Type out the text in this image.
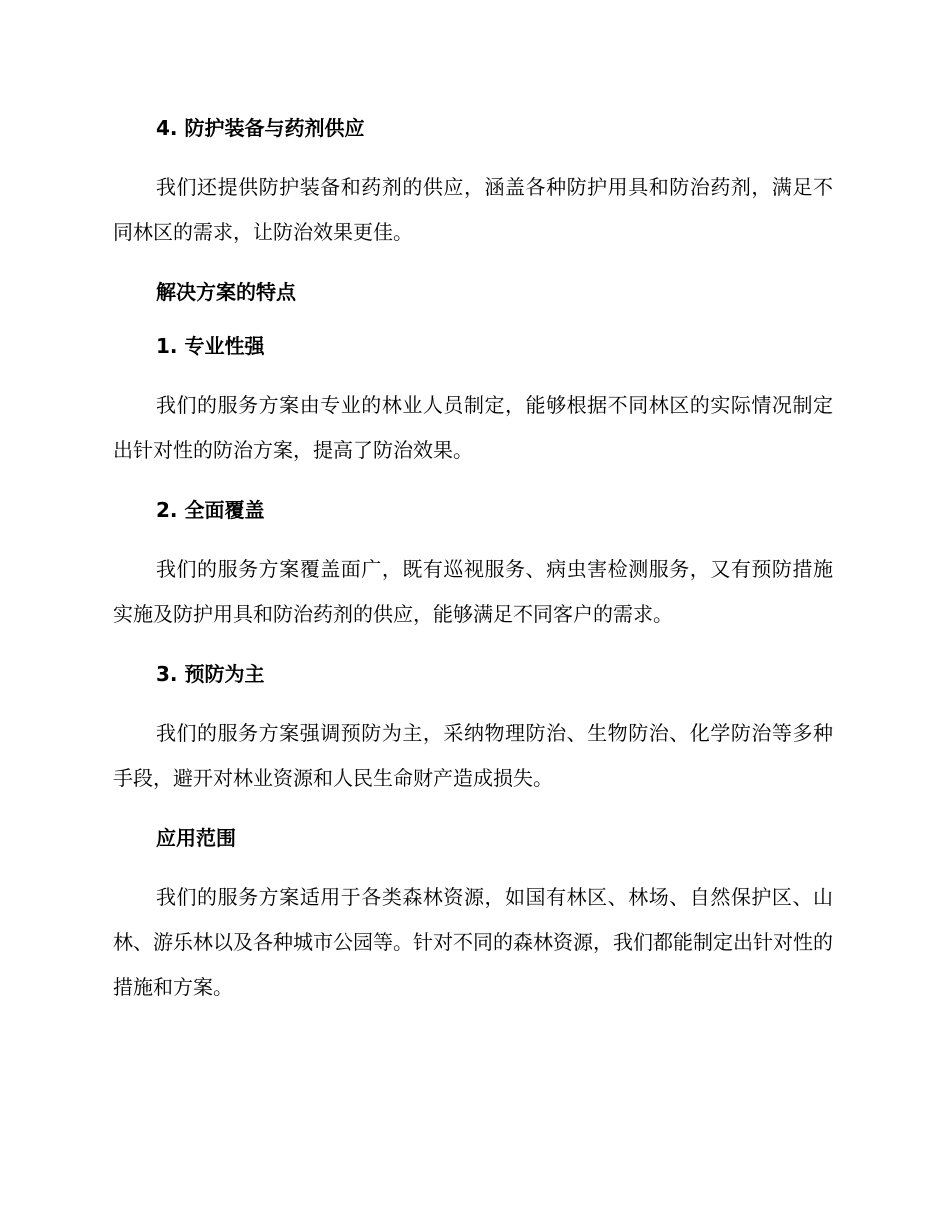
4. 防护装备与药剂供应

我们还提供防护装备和药剂的供应，涵盖各种防护用具和防治药剂，满足不同林区的需求，让防治效果更佳。

解决方案的特点
1. 专业性强

我们的服务方案由专业的林业人员制定，能够根据不同林区的实际情况制定出针对性的防治方案，提高了防治效果。

2. 全面覆盖

我们的服务方案覆盖面广，既有巡视服务、病虫害检测服务，又有预防措施实施及防护用具和防治药剂的供应，能够满足不同客户的需求。

3. 预防为主

我们的服务方案强调预防为主，采纳物理防治、生物防治、化学防治等多种手段，避开对林业资源和人民生命财产造成损失。

应用范围

我们的服务方案适用于各类森林资源，如国有林区、林场、自然保护区、山林、游乐林以及各种城市公园等。针对不同的森林资源，我们都能制定出针对性的措施和方案。
